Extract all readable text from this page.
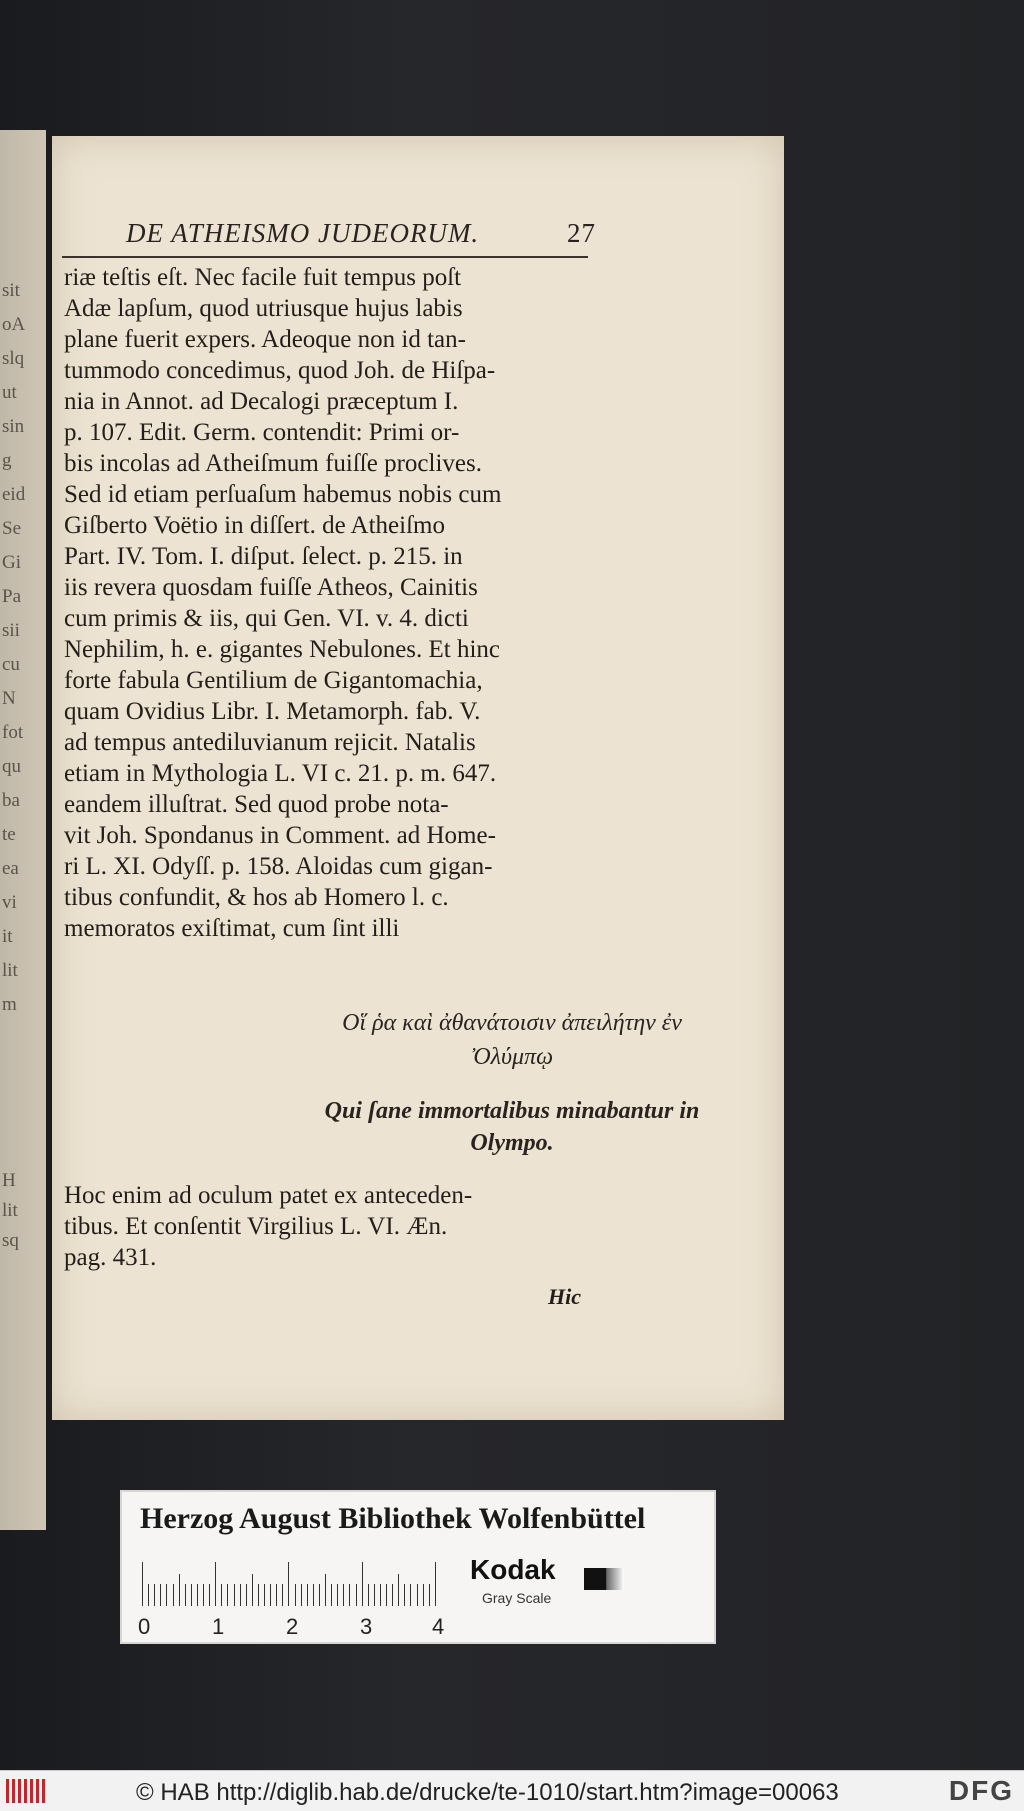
sit
oA
slq
ut
sin
g
eid
Se
Gi
Pa
sii
cu
N
fot
qu
ba
te
ea
vi
it
lit
m
H
lit
sq
DE ATHEISMO JUDEORUM.	27
riæ teſtis eſt. Nec facile fuit tempus poſt
Adæ lapſum, quod utriusque hujus labis
plane fuerit expers. Adeoque non id tan-
tummodo concedimus, quod Joh. de Hiſpa-
nia in Annot. ad Decalogi præceptum I.
p. 107. Edit. Germ. contendit: Primi or-
bis incolas ad Atheiſmum fuiſſe proclives.
Sed id etiam perſuaſum habemus nobis cum
Giſberto Voëtio in diſſert. de Atheiſmo
Part. IV. Tom. I. diſput. ſelect. p. 215. in
iis revera quosdam fuiſſe Atheos, Cainitis
cum primis & iis, qui Gen. VI. v. 4. dicti
Nephilim, h. e. gigantes Nebulones. Et hinc
forte fabula Gentilium de Gigantomachia,
quam Ovidius Libr. I. Metamorph. fab. V.
ad tempus antediluvianum rejicit. Natalis
etiam in Mythologia L. VI c. 21. p. m. 647.
eandem illuſtrat. Sed quod probe nota-
vit Joh. Spondanus in Comment. ad Home-
ri L. XI. Odyſſ. p. 158. Aloidas cum gigan-
tibus confundit, & hos ab Homero l. c.
memoratos exiſtimat, cum ſint illi
Οἵ ῥα καὶ ἀθανάτοισιν ἀπειλήτην ἐν
Ὀλύμπῳ
Qui ſane immortalibus minabantur in
Olympo.
Hoc enim ad oculum patet ex anteceden-
tibus. Et conſentit Virgilius L. VI. Æn.
pag. 431.
Hic
Herzog August Bibliothek Wolfenbüttel
0	1	2	3	4
Kodak
Gray Scale
© HAB http://diglib.hab.de/drucke/te-1010/start.htm?image=00063	DFG
